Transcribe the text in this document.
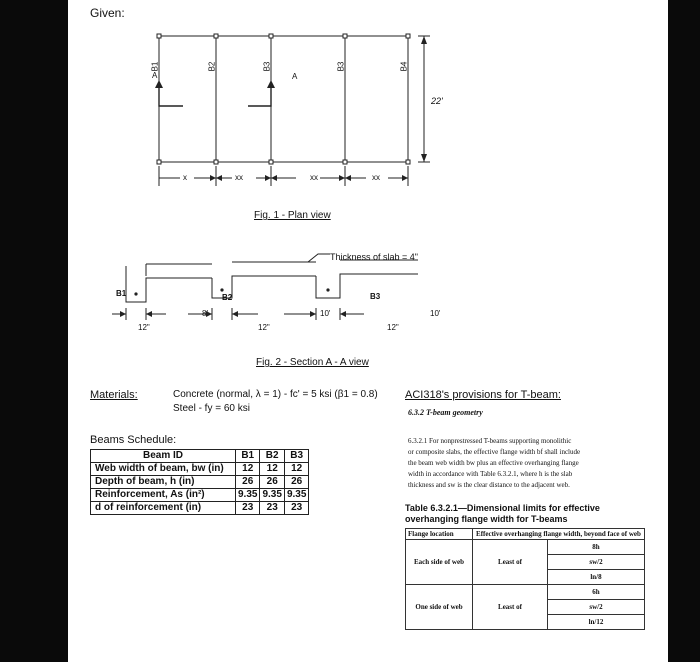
Given:
B1	B2	B3	B3	B4
A	A
22'
x	xx	xx	xx
Fig. 1 - Plan view
Thickness of slab = 4"
B1	B2	B3
8'	10'	10'
12"	12"	12"
Fig. 2 - Section A - A view
Materials:	Concrete (normal, λ = 1) - fc' = 5 ksi (β1 = 0.8)
Steel - fy = 60 ksi
Beams Schedule:
Beam ID	B1	B2	B3
Web width of beam, bw (in)	12	12	12
Depth of beam, h (in)	26	26	26
Reinforcement, As (in²)	9.35	9.35	9.35
d of reinforcement (in)	23	23	23
ACI318's provisions for T-beam:
6.3.2 T-beam geometry
6.3.2.1 For nonprestressed T-beams supporting monolithic
or composite slabs, the effective flange width bf shall include
the beam web width bw plus an effective overhanging flange
width in accordance with Table 6.3.2.1, where h is the slab
thickness and sw is the clear distance to the adjacent web.
Table 6.3.2.1—Dimensional limits for effective
overhanging flange width for T-beams
Flange location	Effective overhanging flange width, beyond face of web	
Each side of web	Least of	8h
		sw/2
		ln/8
One side of web	Least of	6h
		sw/2
		ln/12
